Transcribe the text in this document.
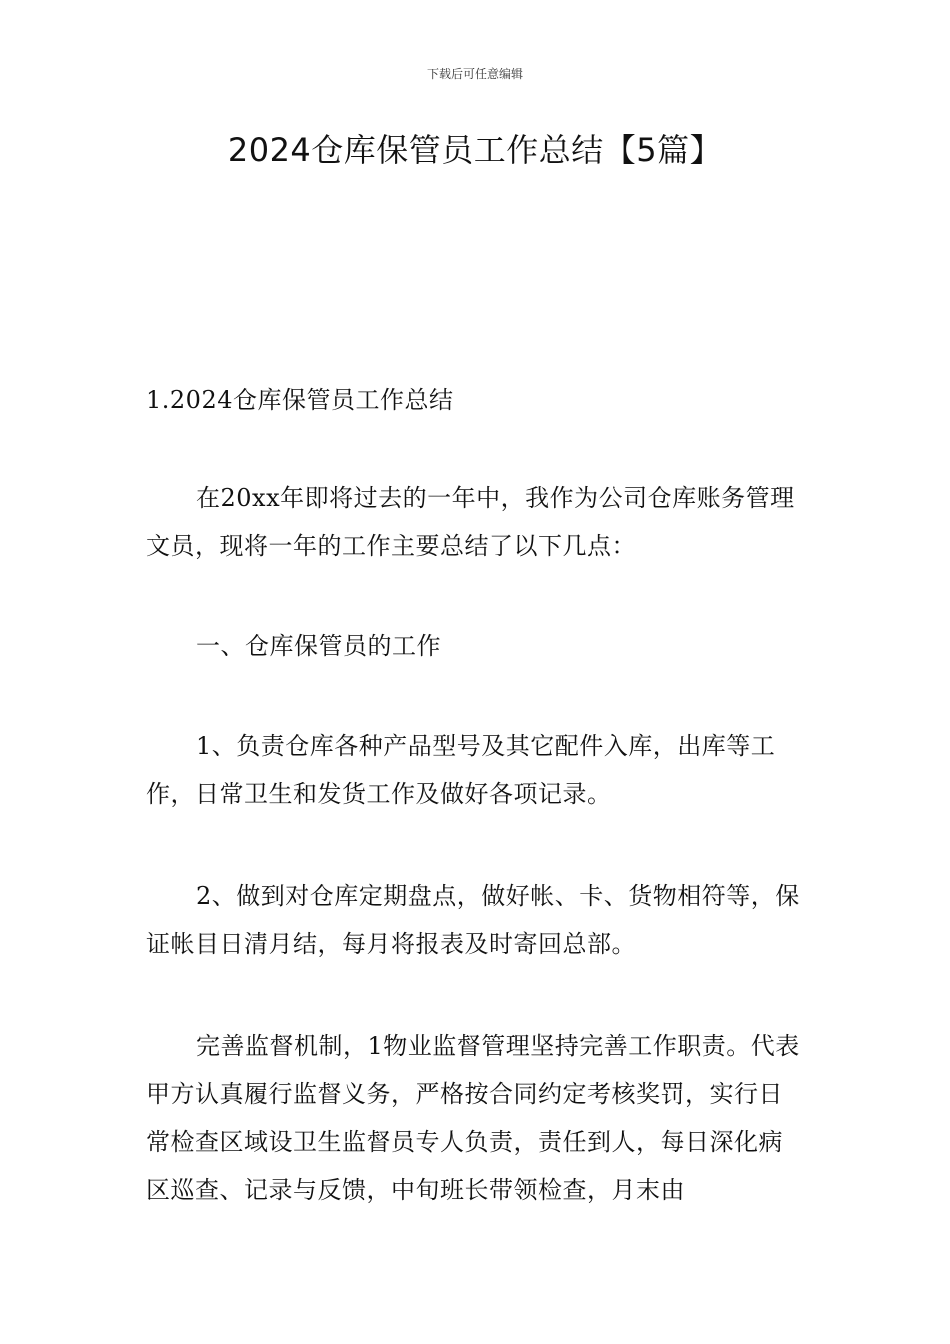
下载后可任意编辑
2024仓库保管员工作总结【5篇】

1.2024仓库保管员工作总结

在20xx年即将过去的一年中，我作为公司仓库账务管理文员，现将一年的工作主要总结了以下几点：

一、仓库保管员的工作

1、负责仓库各种产品型号及其它配件入库，出库等工作，日常卫生和发货工作及做好各项记录。

2、做到对仓库定期盘点，做好帐、卡、货物相符等，保证帐目日清月结，每月将报表及时寄回总部。

完善监督机制，1物业监督管理坚持完善工作职责。代表甲方认真履行监督义务，严格按合同约定考核奖罚，实行日常检查区域设卫生监督员专人负责，责任到人，每日深化病区巡查、记录与反馈，中旬班长带领检查，月末由
